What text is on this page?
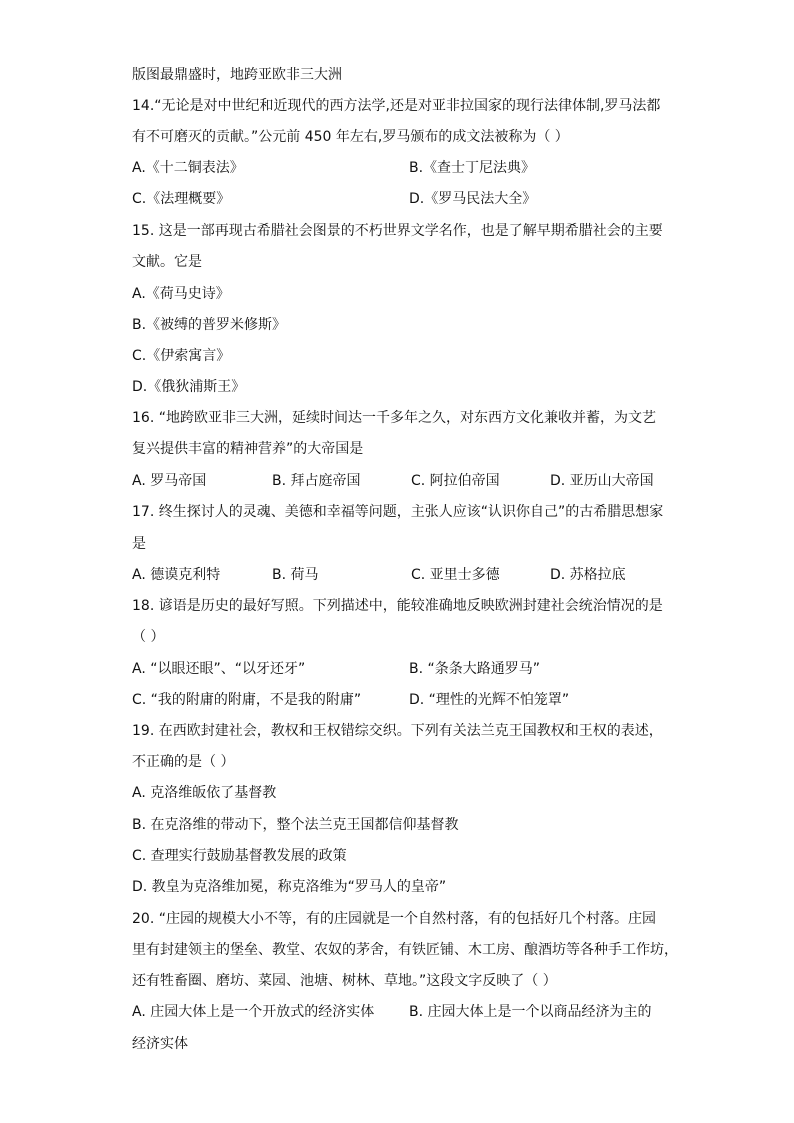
版图最鼎盛时，地跨亚欧非三大洲
14.“无论是对中世纪和近现代的西方法学,还是对亚非拉国家的现行法律体制,罗马法都
有不可磨灭的贡献。”公元前 450 年左右,罗马颁布的成文法被称为（ ）
A.《十二铜表法》	B.《查士丁尼法典》
C.《法理概要》	D.《罗马民法大全》
15. 这是一部再现古希腊社会图景的不朽世界文学名作，也是了解早期希腊社会的主要
文献。它是
A.《荷马史诗》
B.《被缚的普罗米修斯》
C.《伊索寓言》
D.《俄狄浦斯王》
16. “地跨欧亚非三大洲，延续时间达一千多年之久，对东西方文化兼收并蓄，为文艺
复兴提供丰富的精神营养”的大帝国是
A. 罗马帝国	B. 拜占庭帝国	C. 阿拉伯帝国	D. 亚历山大帝国
17. 终生探讨人的灵魂、美德和幸福等问题，主张人应该“认识你自己”的古希腊思想家
是
A. 德谟克利特	B. 荷马	C. 亚里士多德	D. 苏格拉底
18. 谚语是历史的最好写照。下列描述中，能较准确地反映欧洲封建社会统治情况的是
（ ）
A. “以眼还眼”、“以牙还牙”	B. “条条大路通罗马”
C. “我的附庸的附庸，不是我的附庸”	D. “理性的光辉不怕笼罩”
19. 在西欧封建社会，教权和王权错综交织。下列有关法兰克王国教权和王权的表述，
不正确的是（ ）
A. 克洛维皈依了基督教
B. 在克洛维的带动下，整个法兰克王国都信仰基督教
C. 查理实行鼓励基督教发展的政策
D. 教皇为克洛维加冕，称克洛维为“罗马人的皇帝”
20. “庄园的规模大小不等，有的庄园就是一个自然村落，有的包括好几个村落。庄园
里有封建领主的堡垒、教堂、农奴的茅舍，有铁匠铺、木工房、酿酒坊等各种手工作坊，
还有牲畜圈、磨坊、菜园、池塘、树林、草地。”这段文字反映了（ ）
A. 庄园大体上是一个开放式的经济实体 B. 庄园大体上是一个以商品经济为主的
经济实体
